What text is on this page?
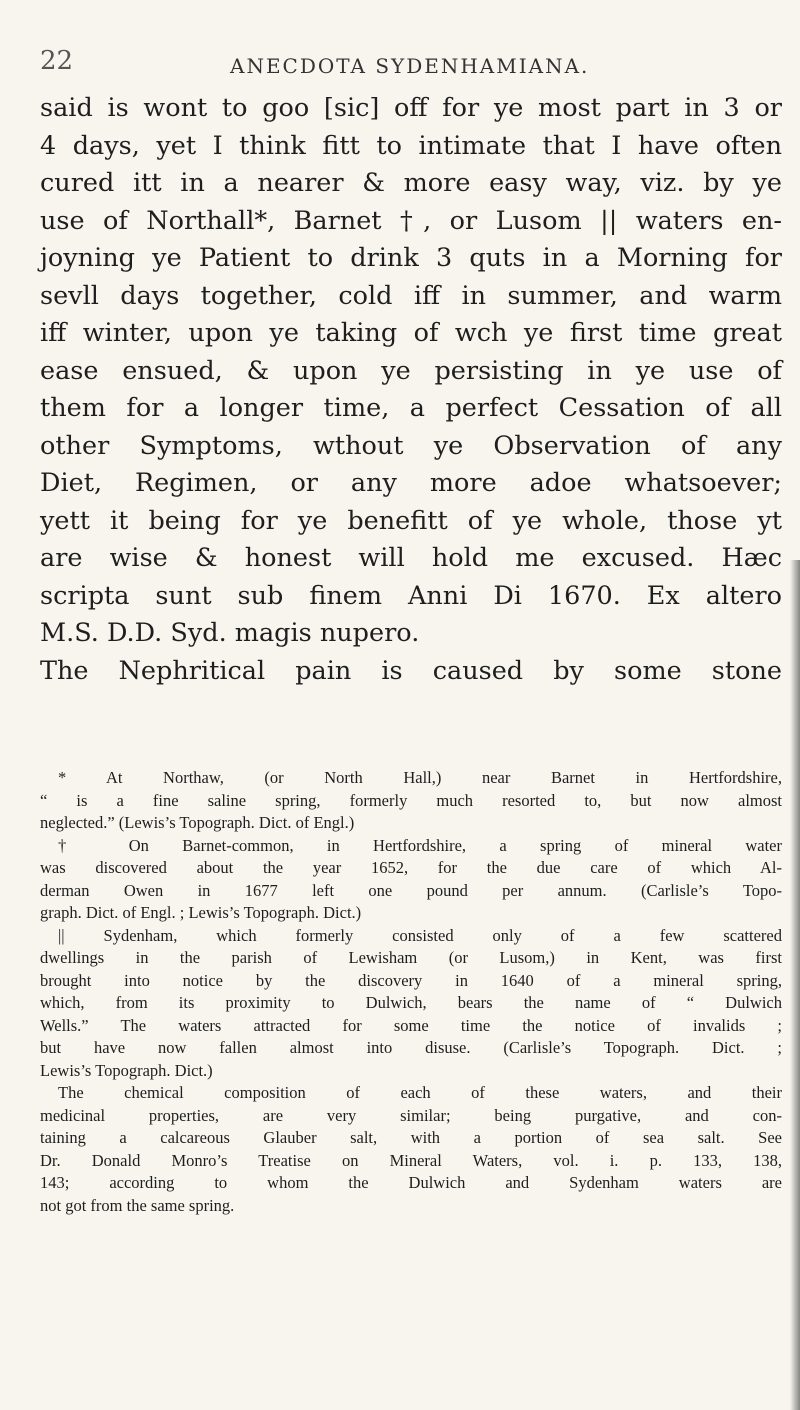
22	ANECDOTA SYDENHAMIANA.
said is wont to goo [sic] off for ye most part in 3 or
4 days, yet I think fitt to intimate that I have often
cured itt in a nearer & more easy way, viz. by ye
use of Northall*, Barnet †, or Lusom || waters en-
joyning ye Patient to drink 3 quts in a Morning for
sevll days together, cold iff in summer, and warm
iff winter, upon ye taking of wch ye first time great
ease ensued, & upon ye persisting in ye use of
them for a longer time, a perfect Cessation of all
other Symptoms, wthout ye Observation of any
Diet, Regimen, or any more adoe whatsoever;
yett it being for ye benefitt of ye whole, those yt
are wise & honest will hold me excused. Hæc
scripta sunt sub finem Anni Di 1670. Ex altero
M.S. D.D. Syd. magis nupero.
The Nephritical pain is caused by some stone
* At Northaw, (or North Hall,) near Barnet in Hertfordshire,
“ is a fine saline spring, formerly much resorted to, but now almost
neglected.” (Lewis’s Topograph. Dict. of Engl.)
† On Barnet-common, in Hertfordshire, a spring of mineral water
was discovered about the year 1652, for the due care of which Al-
derman Owen in 1677 left one pound per annum. (Carlisle’s Topo-
graph. Dict. of Engl. ; Lewis’s Topograph. Dict.)
|| Sydenham, which formerly consisted only of a few scattered
dwellings in the parish of Lewisham (or Lusom,) in Kent, was first
brought into notice by the discovery in 1640 of a mineral spring,
which, from its proximity to Dulwich, bears the name of “ Dulwich
Wells.” The waters attracted for some time the notice of invalids ;
but have now fallen almost into disuse. (Carlisle’s Topograph. Dict. ;
Lewis’s Topograph. Dict.)
The chemical composition of each of these waters, and their
medicinal properties, are very similar; being purgative, and con-
taining a calcareous Glauber salt, with a portion of sea salt. See
Dr. Donald Monro’s Treatise on Mineral Waters, vol. i. p. 133, 138,
143; according to whom the Dulwich and Sydenham waters are
not got from the same spring.
